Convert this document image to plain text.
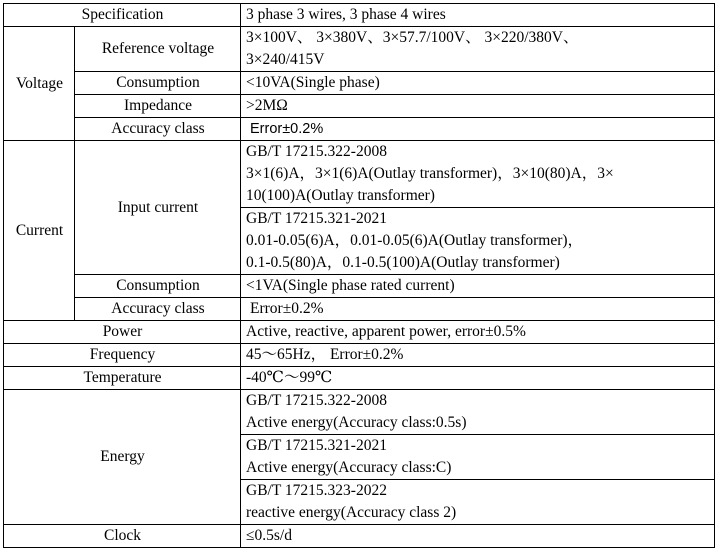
Specification		3 phase 3 wires, 3 phase 4 wires
Voltage	Reference voltage	3×100V、 3×380V、3×57.7/100V、 3×220/380V、
3×240/415V

	Consumption	<10VA(Single phase)
	Impedance	>2MΩ
	Accuracy class	Error±0.2%
Current	Input current	GB/T 17215.322-2008
3×1(6)A，3×1(6)A(Outlay transformer)，3×10(80)A，3×
10(100)A(Outlay transformer)

		GB/T 17215.321-2021
0.01-0.05(6)A，0.01-0.05(6)A(Outlay transformer)，
0.1-0.5(80)A，0.1-0.5(100)A(Outlay transformer)

	Consumption	<1VA(Single phase rated current)
	Accuracy class	Error±0.2%
Power		Active, reactive, apparent power, error±0.5%
Frequency		45～65Hz， Error±0.2%
Temperature		-40℃～99℃
Energy		GB/T 17215.322-2008
Active energy(Accuracy class:0.5s)

		GB/T 17215.321-2021
Active energy(Accuracy class:C)

		GB/T 17215.323-2022
reactive energy(Accuracy class 2)

Clock		≤0.5s/d
